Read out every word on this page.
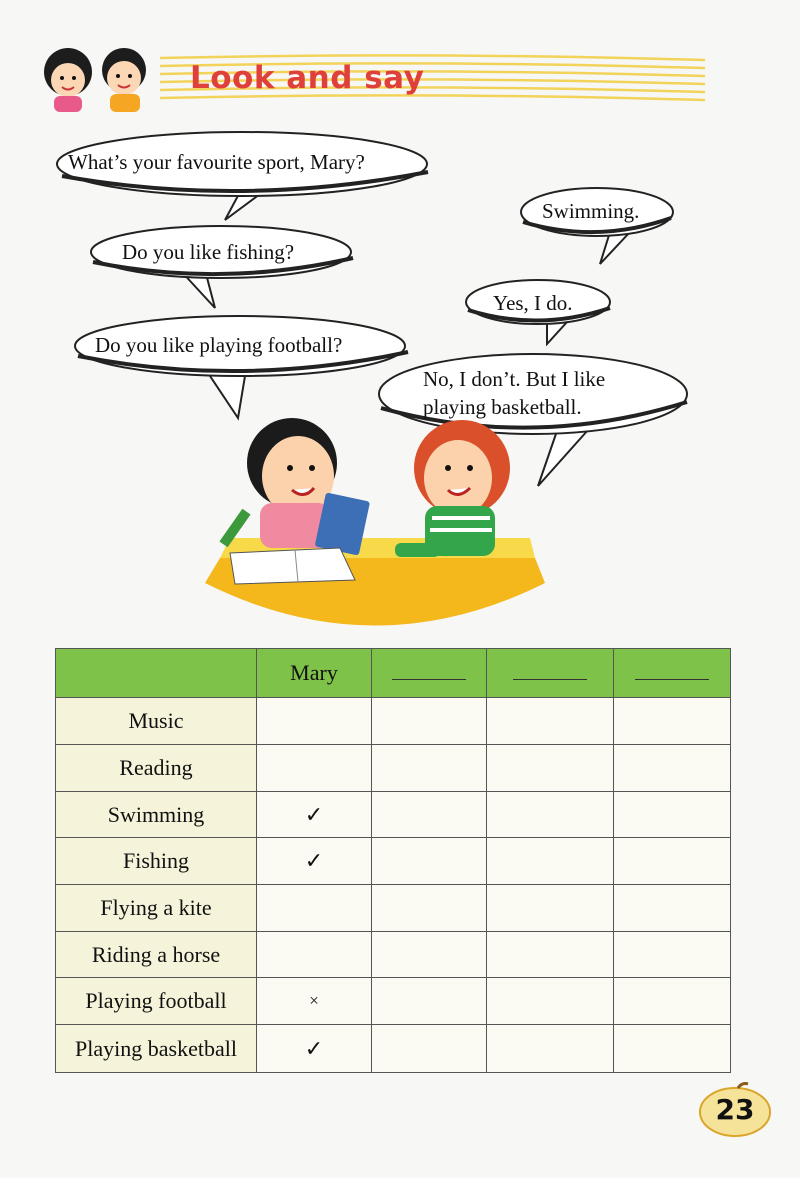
Look and say
What’s your favourite sport, Mary?
Swimming.
Do you like fishing?
Yes, I do.
Do you like playing football?
No, I don’t. But I like
playing basketball.
	Mary			
Music				
Reading				
Swimming	✓			
Fishing	✓			
Flying a kite				
Riding a horse				
Playing football	×			
Playing basketball	✓			
23
